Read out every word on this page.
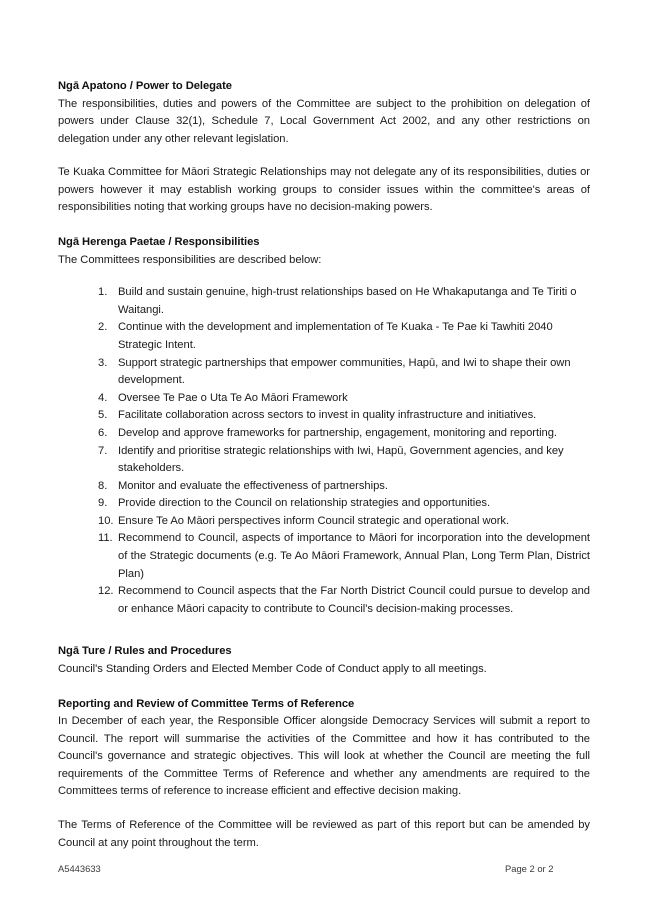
Ngā Apatono / Power to Delegate

The responsibilities, duties and powers of the Committee are subject to the prohibition on delegation of powers under Clause 32(1), Schedule 7, Local Government Act 2002, and any other restrictions on delegation under any other relevant legislation.

Te Kuaka Committee for Māori Strategic Relationships may not delegate any of its responsibilities, duties or powers however it may establish working groups to consider issues within the committee's areas of responsibilities noting that working groups have no decision-making powers.

Ngā Herenga Paetae / Responsibilities

The Committees responsibilities are described below:

1. Build and sustain genuine, high-trust relationships based on He Whakaputanga and Te Tiriti o Waitangi.
2. Continue with the development and implementation of Te Kuaka - Te Pae ki Tawhiti 2040 Strategic Intent.
3. Support strategic partnerships that empower communities, Hapū, and Iwi to shape their own development.
4. Oversee Te Pae o Uta Te Ao Māori Framework
5. Facilitate collaboration across sectors to invest in quality infrastructure and initiatives.
6. Develop and approve frameworks for partnership, engagement, monitoring and reporting.
7. Identify and prioritise strategic relationships with Iwi, Hapū, Government agencies, and key stakeholders.
8. Monitor and evaluate the effectiveness of partnerships.
9. Provide direction to the Council on relationship strategies and opportunities.
10. Ensure Te Ao Māori perspectives inform Council strategic and operational work.
11. Recommend to Council, aspects of importance to Māori for incorporation into the development of the Strategic documents (e.g. Te Ao Māori Framework, Annual Plan, Long Term Plan, District Plan)
12. Recommend to Council aspects that the Far North District Council could pursue to develop and or enhance Māori capacity to contribute to Council's decision-making processes.
Ngā Ture / Rules and Procedures

Council's Standing Orders and Elected Member Code of Conduct apply to all meetings.

Reporting and Review of Committee Terms of Reference

In December of each year, the Responsible Officer alongside Democracy Services will submit a report to Council. The report will summarise the activities of the Committee and how it has contributed to the Council's governance and strategic objectives. This will look at whether the Council are meeting the full requirements of the Committee Terms of Reference and whether any amendments are required to the Committees terms of reference to increase efficient and effective decision making.

The Terms of Reference of the Committee will be reviewed as part of this report but can be amended by Council at any point throughout the term.

A5443633	Page 2 or 2
